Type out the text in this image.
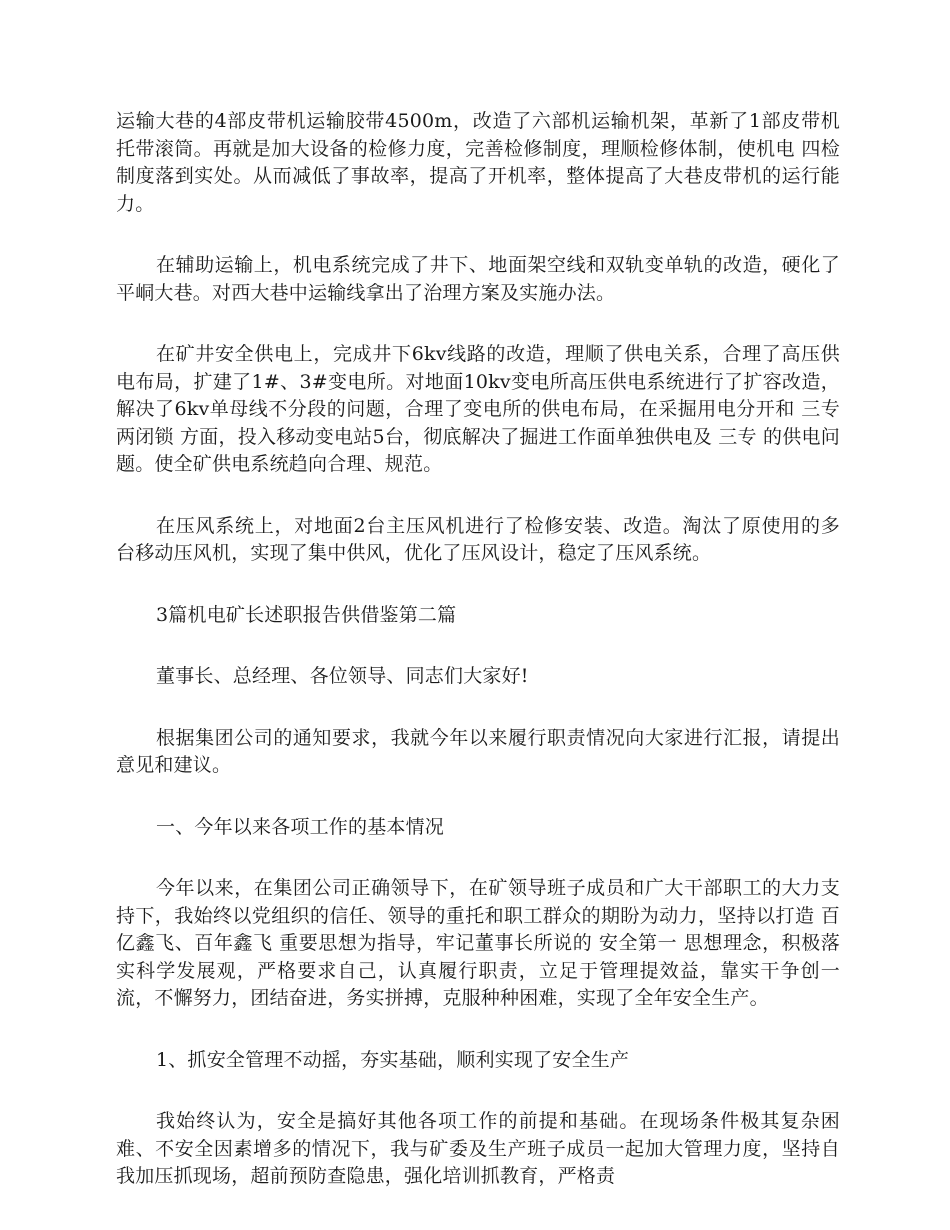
运输大巷的4部皮带机运输胶带4500m，改造了六部机运输机架，革新了1部皮带机托带滚筒。再就是加大设备的检修力度，完善检修制度，理顺检修体制，使机电 四检 制度落到实处。从而减低了事故率，提高了开机率，整体提高了大巷皮带机的运行能力。

在辅助运输上，机电系统完成了井下、地面架空线和双轨变单轨的改造，硬化了平峒大巷。对西大巷中运输线拿出了治理方案及实施办法。

在矿井安全供电上，完成井下6kv线路的改造，理顺了供电关系，合理了高压供电布局，扩建了1#、3#变电所。对地面10kv变电所高压供电系统进行了扩容改造，解决了6kv单母线不分段的问题，合理了变电所的供电布局，在采掘用电分开和 三专两闭锁 方面，投入移动变电站5台，彻底解决了掘进工作面单独供电及 三专 的供电问题。使全矿供电系统趋向合理、规范。

在压风系统上，对地面2台主压风机进行了检修安装、改造。淘汰了原使用的多台移动压风机，实现了集中供风，优化了压风设计，稳定了压风系统。

3篇机电矿长述职报告供借鉴第二篇

董事长、总经理、各位领导、同志们大家好!

根据集团公司的通知要求，我就今年以来履行职责情况向大家进行汇报，请提出意见和建议。

一、今年以来各项工作的基本情况

今年以来，在集团公司正确领导下，在矿领导班子成员和广大干部职工的大力支持下，我始终以党组织的信任、领导的重托和职工群众的期盼为动力，坚持以打造 百亿鑫飞、百年鑫飞 重要思想为指导，牢记董事长所说的 安全第一 思想理念，积极落实科学发展观，严格要求自己，认真履行职责，立足于管理提效益，靠实干争创一流，不懈努力，团结奋进，务实拼搏，克服种种困难，实现了全年安全生产。

1、抓安全管理不动摇，夯实基础，顺利实现了安全生产

我始终认为，安全是搞好其他各项工作的前提和基础。在现场条件极其复杂困难、不安全因素增多的情况下，我与矿委及生产班子成员一起加大管理力度，坚持自我加压抓现场，超前预防查隐患，强化培训抓教育，严格责
